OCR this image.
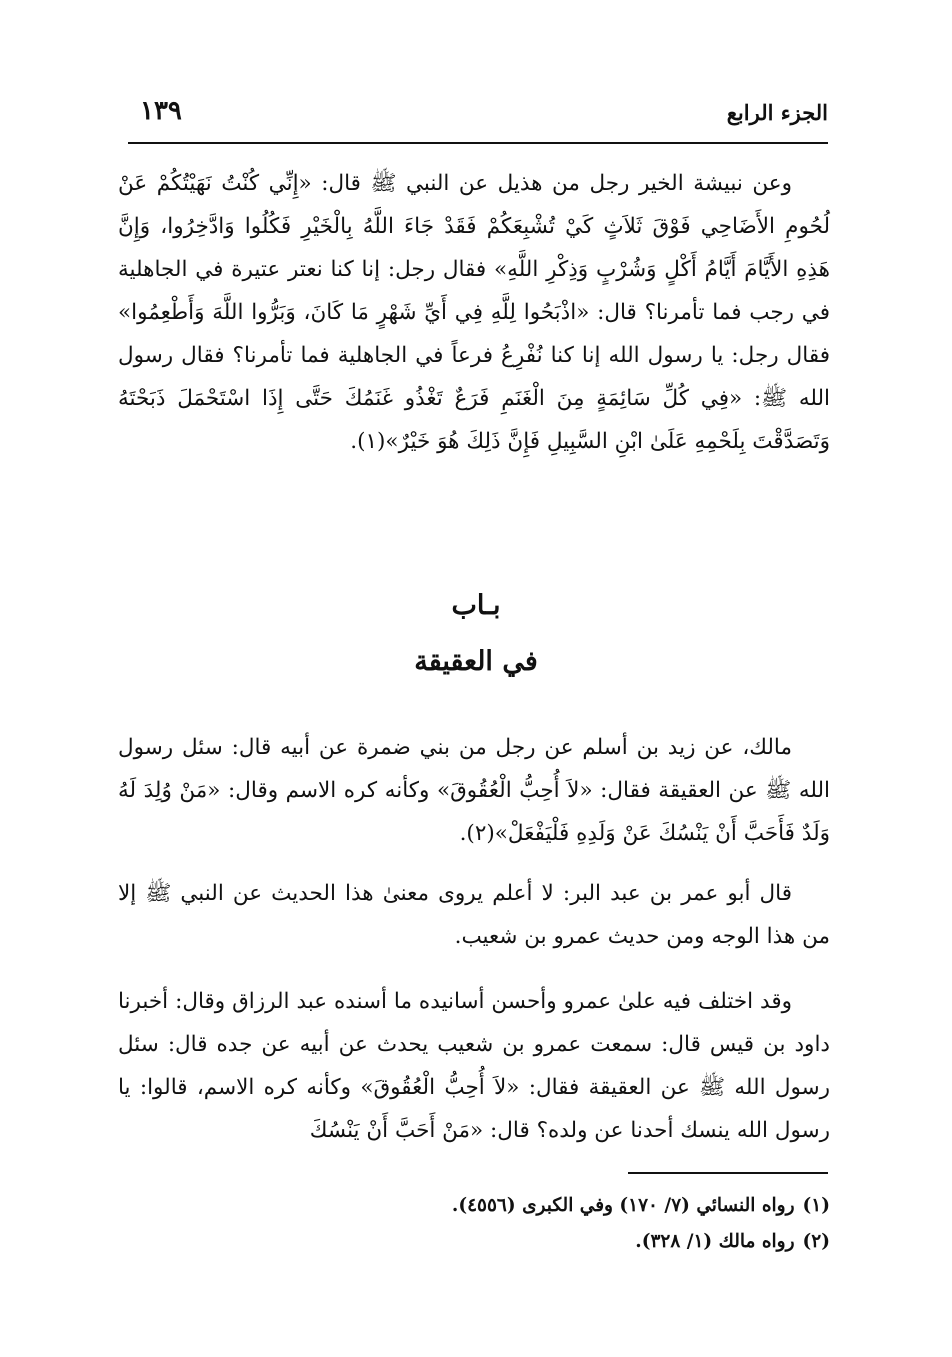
الجزء الرابع
١٣٩

وعن نبيشة الخير رجل من هذيل عن النبي ﷺ قال: «إِنِّي كُنْتُ نَهَيْتُكُمْ عَنْ لُحُومِ الأَضَاحِي فَوْقَ ثَلاَثٍ كَيْ تُشْبِعَكُمْ فَقَدْ جَاءَ اللَّهُ بِالْخَيْرِ فَكُلُوا وَادَّخِرُوا، وَإِنَّ هَذِهِ الأَيَّامَ أَيَّامُ أَكْلٍ وَشُرْبٍ وَذِكْرِ اللَّهِ» فقال رجل: إنا كنا نعتر عتيرة في الجاهلية في رجب فما تأمرنا؟ قال: «اذْبَحُوا لِلَّهِ فِي أَيِّ شَهْرٍ مَا كَانَ، وَبَرُّوا اللَّهَ وَأَطْعِمُوا» فقال رجل: يا رسول الله إنا كنا نُفْرِعُ فرعاً في الجاهلية فما تأمرنا؟ فقال رسول الله ﷺ: «فِي كُلِّ سَائِمَةٍ مِنَ الْغَنَمِ فَرَعٌ تَغْذُو غَنَمُكَ حَتَّى إِذَا اسْتَحْمَلَ ذَبَحْتَهُ وَتَصَدَّقْتَ بِلَحْمِهِ عَلَىٰ ابْنِ السَّبِيلِ فَإِنَّ ذَلِكَ هُوَ خَيْرٌ»(١).

بـاب
في العقيقة

مالك، عن زيد بن أسلم عن رجل من بني ضمرة عن أبيه قال: سئل رسول الله ﷺ عن العقيقة فقال: «لاَ أُحِبُّ الْعُقُوقَ» وكأنه كره الاسم وقال: «مَنْ وُلِدَ لَهُ وَلَدٌ فَأَحَبَّ أَنْ يَنْسُكَ عَنْ وَلَدِهِ فَلْيَفْعَلْ»(٢).

قال أبو عمر بن عبد البر: لا أعلم يروى معنىٰ هذا الحديث عن النبي ﷺ إلا من هذا الوجه ومن حديث عمرو بن شعيب.

وقد اختلف فيه علىٰ عمرو وأحسن أسانيده ما أسنده عبد الرزاق وقال: أخبرنا داود بن قيس قال: سمعت عمرو بن شعيب يحدث عن أبيه عن جده قال: سئل رسول الله ﷺ عن العقيقة فقال: «لاَ أُحِبُّ الْعُقُوقَ» وكأنه كره الاسم، قالوا: يا رسول الله ينسك أحدنا عن ولده؟ قال: «مَنْ أَحَبَّ أَنْ يَنْسُكَ

(١)رواه النسائي (٧/ ١٧٠) وفي الكبرى (٤٥٥٦).
(٢)رواه مالك (١/ ٣٢٨).
